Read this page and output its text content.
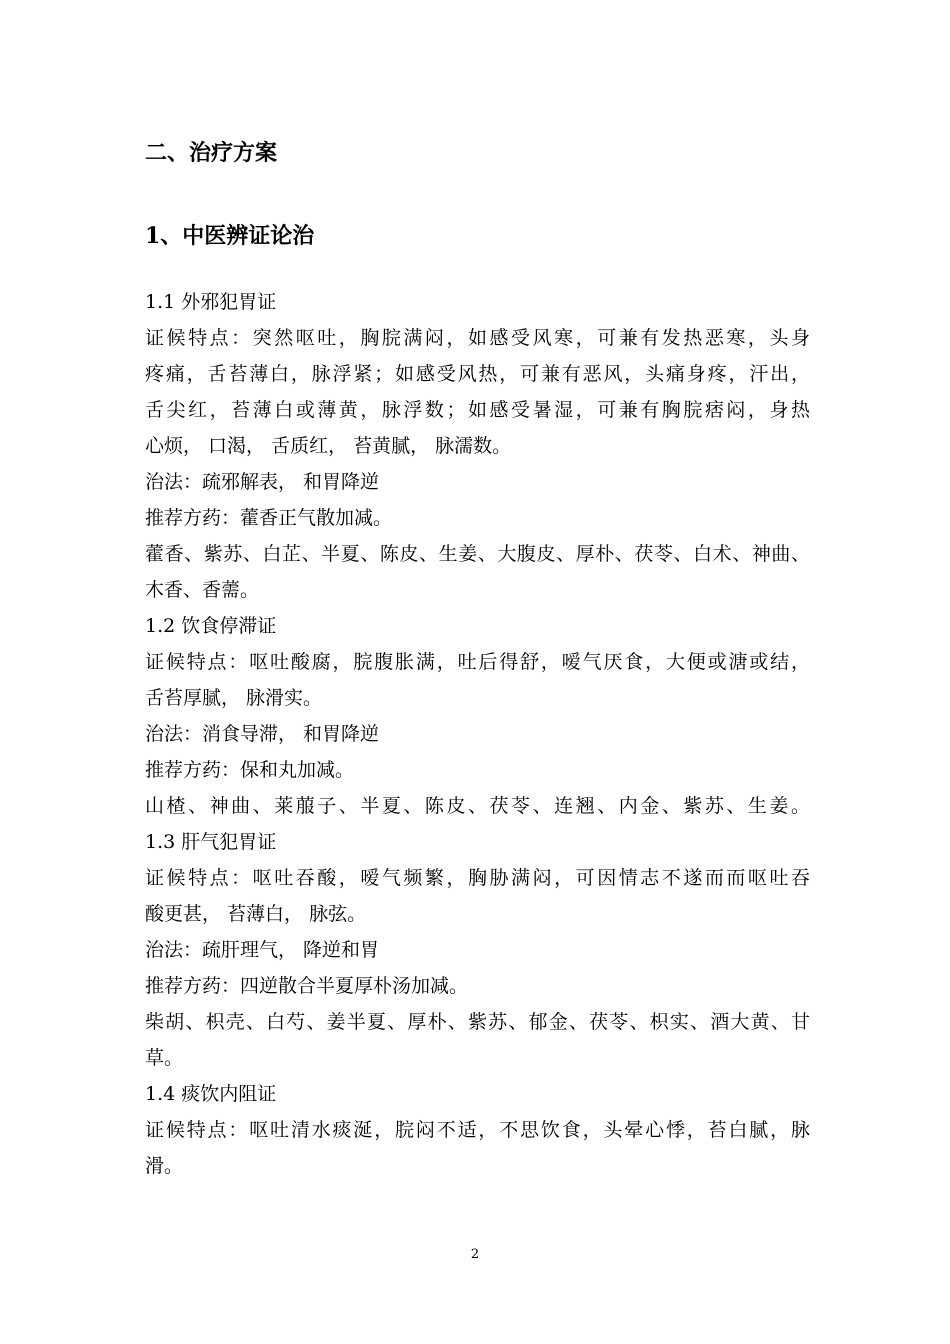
二、治疗方案
1、中医辨证论治
1.1 外邪犯胃证
证候特点：突然呕吐，胸脘满闷，如感受风寒，可兼有发热恶寒，头身
疼痛，舌苔薄白，脉浮紧；如感受风热，可兼有恶风，头痛身疼，汗出，
舌尖红，苔薄白或薄黄，脉浮数；如感受暑湿，可兼有胸脘痞闷，身热
心烦， 口渴， 舌质红， 苔黄腻， 脉濡数。
治法：疏邪解表， 和胃降逆
推荐方药：藿香正气散加减。
藿香、紫苏、白芷、半夏、陈皮、生姜、大腹皮、厚朴、茯苓、白术、神曲、
木香、香薷。
1.2 饮食停滞证
证候特点：呕吐酸腐，脘腹胀满，吐后得舒，嗳气厌食，大便或溏或结，
舌苔厚腻， 脉滑实。
治法：消食导滞， 和胃降逆
推荐方药：保和丸加减。
山楂、神曲、莱菔子、半夏、陈皮、茯苓、连翘、内金、紫苏、生姜。
1.3 肝气犯胃证
证候特点：呕吐吞酸，嗳气频繁，胸胁满闷，可因情志不遂而而呕吐吞
酸更甚， 苔薄白， 脉弦。
治法：疏肝理气， 降逆和胃
推荐方药：四逆散合半夏厚朴汤加减。
柴胡、枳壳、白芍、姜半夏、厚朴、紫苏、郁金、茯苓、枳实、酒大黄、甘
草。
1.4 痰饮内阻证
证候特点：呕吐清水痰涎，脘闷不适，不思饮食，头晕心悸，苔白腻，脉
滑。
2
